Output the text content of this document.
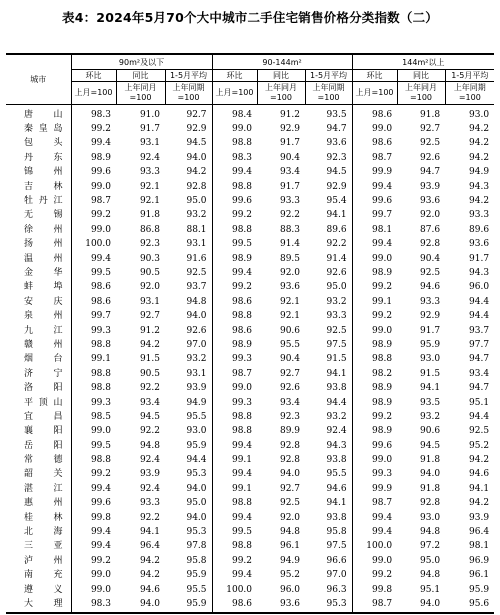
表4：2024年5月70个大中城市二手住宅销售价格分类指数（二）
城市	90m²及以下			90-144m²			144m²以上		
	环比	同比	1-5月平均	环比	同比	1-5月平均	环比	同比	1-5月平均
	上月=100	上年同月=100	上年同期=100	上月=100	上年同月=100	上年同期=100	上月=100	上年同月=100	上年同期=100
唐山	98.3	91.0	92.7	98.4	91.2	93.5	98.6	91.8	93.0
秦皇岛	99.2	91.7	92.9	99.0	92.9	94.7	99.0	92.7	94.2
包头	99.4	93.1	94.5	98.8	91.7	93.6	98.6	92.5	94.2
丹东	98.9	92.4	94.0	98.3	90.4	92.3	98.7	92.6	94.2
锦州	99.6	93.3	94.2	99.4	93.4	94.5	99.9	94.7	94.9
吉林	99.0	92.1	92.8	98.8	91.7	92.9	99.4	93.9	94.3
牡丹江	98.7	92.1	95.0	99.6	93.3	95.4	99.6	93.6	94.2
无锡	99.2	91.8	93.2	99.2	92.2	94.1	99.7	92.0	93.3
徐州	99.0	86.8	88.1	98.8	88.3	89.6	98.1	87.6	89.6
扬州	100.0	92.3	93.1	99.5	91.4	92.2	99.4	92.8	93.6
温州	99.4	90.3	91.6	98.9	89.5	91.4	99.0	90.4	91.7
金华	99.5	90.5	92.5	99.4	92.0	92.6	98.9	92.5	94.3
蚌埠	98.6	92.0	93.7	99.2	93.6	95.0	99.2	94.6	96.0
安庆	98.6	93.1	94.8	98.6	92.1	93.2	99.1	93.3	94.4
泉州	99.7	92.7	94.0	98.8	92.1	93.3	99.2	92.9	94.4
九江	99.3	91.2	92.6	98.6	90.6	92.5	99.0	91.7	93.7
赣州	98.8	94.2	97.0	98.9	95.5	97.5	98.9	95.9	97.7
烟台	99.1	91.5	93.2	99.3	90.4	91.5	98.8	93.0	94.7
济宁	98.8	90.5	93.1	98.7	92.7	94.1	98.2	91.5	93.4
洛阳	98.8	92.2	93.9	99.0	92.6	93.8	98.9	94.1	94.7
平顶山	99.3	93.4	94.9	99.3	93.4	94.4	98.9	93.5	95.1
宜昌	98.5	94.5	95.5	98.8	92.3	93.2	99.2	93.2	94.4
襄阳	99.0	92.2	93.0	98.8	89.9	92.4	98.9	90.6	92.5
岳阳	99.5	94.8	95.9	99.4	92.8	94.3	99.6	94.5	95.2
常德	98.8	92.4	94.4	99.1	92.8	93.8	99.0	91.8	94.2
韶关	99.2	93.9	95.3	99.4	94.0	95.5	99.3	94.0	94.6
湛江	99.4	92.4	94.0	99.1	92.7	94.6	99.9	91.8	94.1
惠州	99.6	93.3	95.0	98.8	92.5	94.1	98.7	92.8	94.2
桂林	99.8	92.2	94.0	99.4	92.0	93.8	99.4	93.0	93.9
北海	99.4	94.1	95.3	99.5	94.8	95.8	99.4	94.8	96.4
三亚	99.4	96.4	97.8	98.8	96.1	97.5	100.0	97.2	98.1
泸州	99.2	94.2	95.8	99.2	94.9	96.6	99.0	95.0	96.9
南充	99.0	94.2	95.9	99.4	95.2	97.0	99.2	94.8	96.1
遵义	99.0	94.6	95.5	100.0	96.0	96.3	99.8	95.1	95.9
大理	98.3	94.0	95.9	98.6	93.6	95.3	98.7	94.0	95.6
